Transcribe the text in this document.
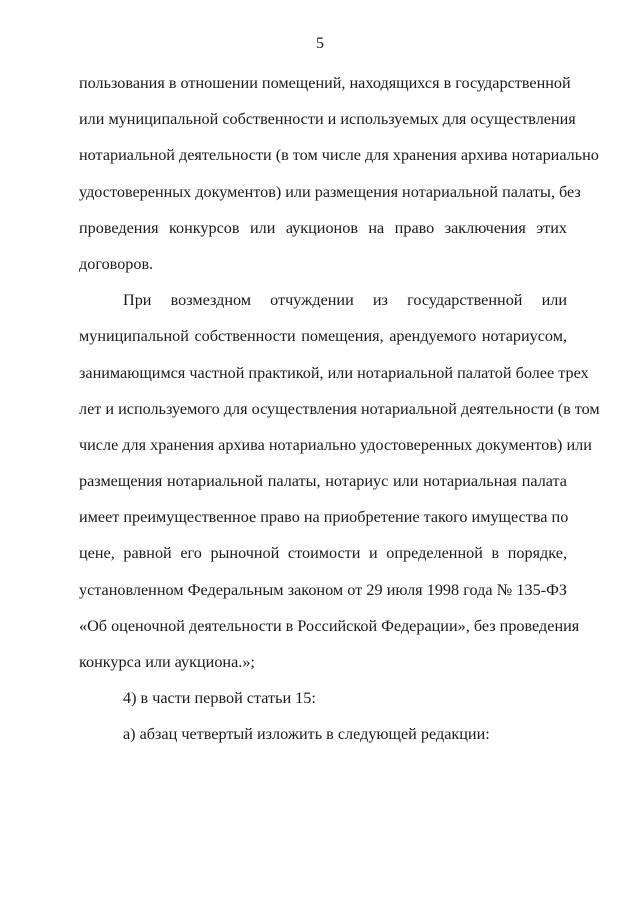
5
пользования в отношении помещений, находящихся в государственной
или муниципальной собственности и используемых для осуществления
нотариальной деятельности (в том числе для хранения архива нотариально
удостоверенных документов) или размещения нотариальной палаты, без
проведения конкурсов или аукционов на право заключения этих
договоров.
При возмездном отчуждении из государственной или
муниципальной собственности помещения, арендуемого нотариусом,
занимающимся частной практикой, или нотариальной палатой более трех
лет и используемого для осуществления нотариальной деятельности (в том
числе для хранения архива нотариально удостоверенных документов) или
размещения нотариальной палаты, нотариус или нотариальная палата
имеет преимущественное право на приобретение такого имущества по
цене, равной его рыночной стоимости и определенной в порядке,
установленном Федеральным законом от 29 июля 1998 года № 135-ФЗ
«Об оценочной деятельности в Российской Федерации», без проведения
конкурса или аукциона.»;
4) в части первой статьи 15:
а) абзац четвертый изложить в следующей редакции:
